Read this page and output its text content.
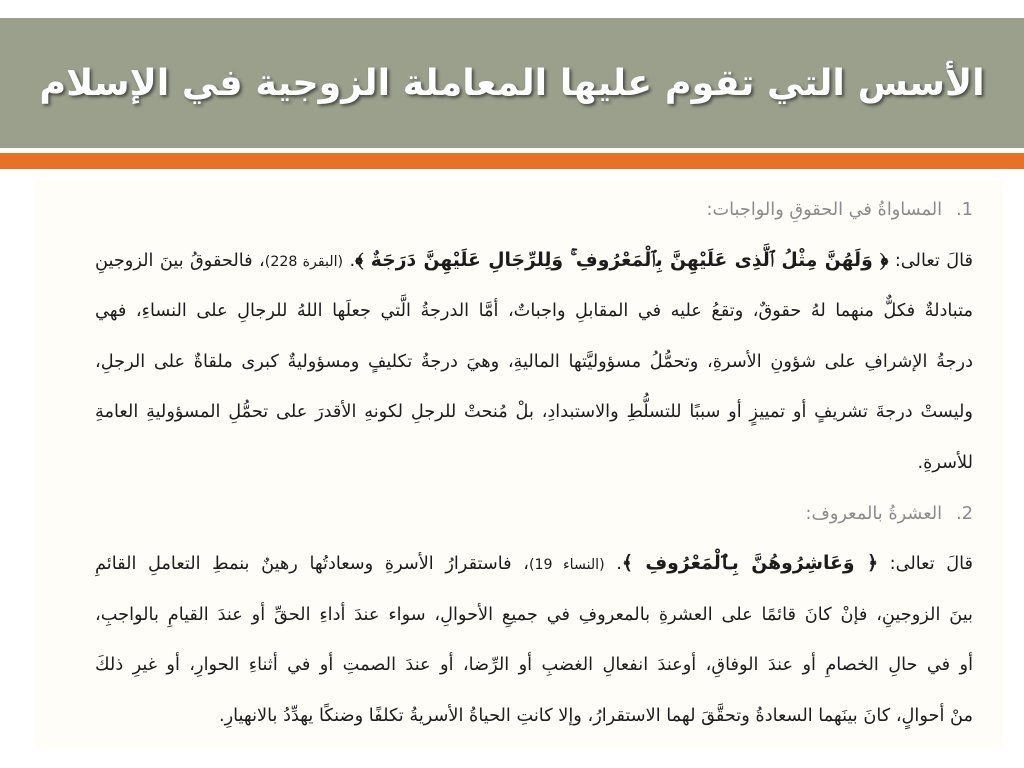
الأسس التي تقوم عليها المعاملة الزوجية في الإسلام
1.المساواةُ في الحقوقِ والواجبات:
قالَ تعالى: ﴿ وَلَهُنَّ مِثْلُ ٱلَّذِى عَلَيْهِنَّ بِٱلْمَعْرُوفِ ۚ وَلِلرِّجَالِ عَلَيْهِنَّ دَرَجَةٌ ﴾. (البقرة 228)، فالحقوقُ بينَ الزوجينِ
متبادلةٌ فكلٌّ منهما لهُ حقوقٌ، وتقعُ عليه في المقابلِ واجباتٌ، أمَّا الدرجةُ الَّتي جعلَها اللهُ للرجالِ على النساءِ، فهي
درجةُ الإشرافِ على شؤونِ الأسرةِ، وتحمُّلُ مسؤوليَّتها الماليةِ، وهيَ درجةُ تكليفٍ ومسؤوليةٌ كبرى ملقاةٌ على الرجلِ،
وليستْ درجةَ تشريفٍ أو تمييزٍ أو سببًا للتسلُّطِ والاستبدادِ، بلْ مُنحتْ للرجلِ لكونهِ الأقدرَ على تحمُّلِ المسؤوليةِ العامةِ
للأسرةِ.
2.العشرةُ بالمعروف:
قالَ تعالى: ﴿ وَعَاشِرُوهُنَّ بِٱلْمَعْرُوفِ ﴾. (النساء 19)، فاستقرارُ الأسرةِ وسعادتُها رهينٌ بنمطِ التعاملِ القائمِ
بينَ الزوجينِ، فإنْ كانَ قائمًا على العشرةِ بالمعروفِ في جميعِ الأحوالِ، سواء عندَ أداءِ الحقِّ أو عندَ القيامِ بالواجبِ،
أو في حالِ الخصامِ أو عندَ الوفاقِ، أوعندَ انفعالِ الغضبِ أو الرِّضا، أو عندَ الصمتِ أو في أثناءِ الحوارِ، أو غيرِ ذلكَ
منْ أحوالٍ، كانَ بينَهما السعادةُ وتحقَّقَ لهما الاستقرارُ، وإلا كانتِ الحياةُ الأسريةُ تكلفًا وضنكًا يهدِّدُ بالانهيارِ.
